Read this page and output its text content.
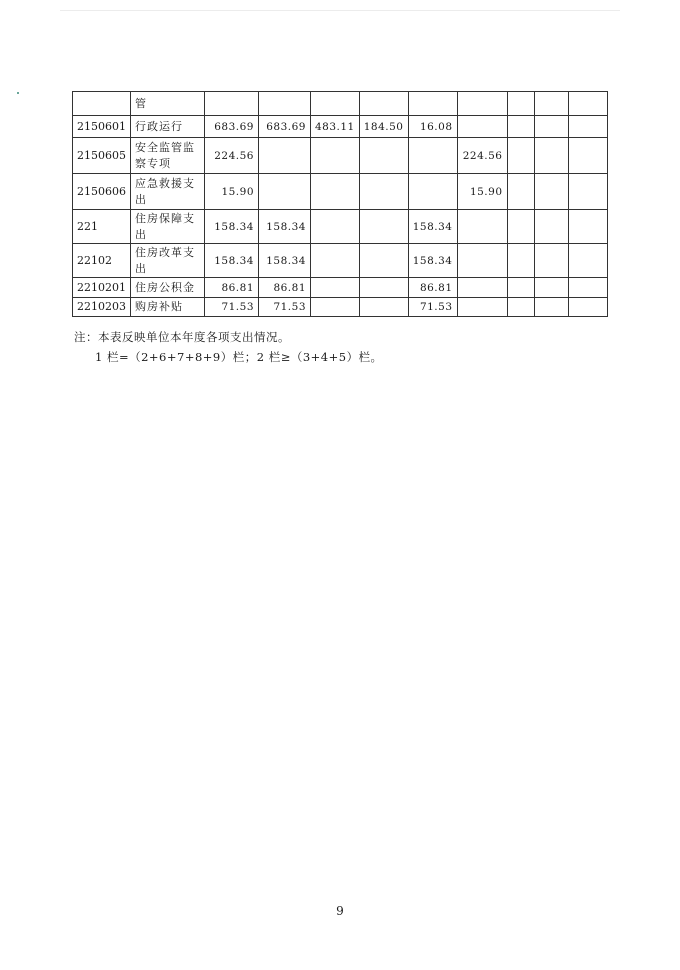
	管									
2150601	行政运行	683.69	683.69	483.11	184.50	16.08				
2150605	安全监管监察专项	224.56					224.56			
2150606	应急救援支出	15.90					15.90			
221	住房保障支出	158.34	158.34			158.34				
22102	住房改革支出	158.34	158.34			158.34				
2210201	住房公积金	86.81	86.81			86.81				
2210203	购房补贴	71.53	71.53			71.53				
注：本表反映单位本年度各项支出情况。
1 栏=（2+6+7+8+9）栏；2 栏≥（3+4+5）栏。
9
